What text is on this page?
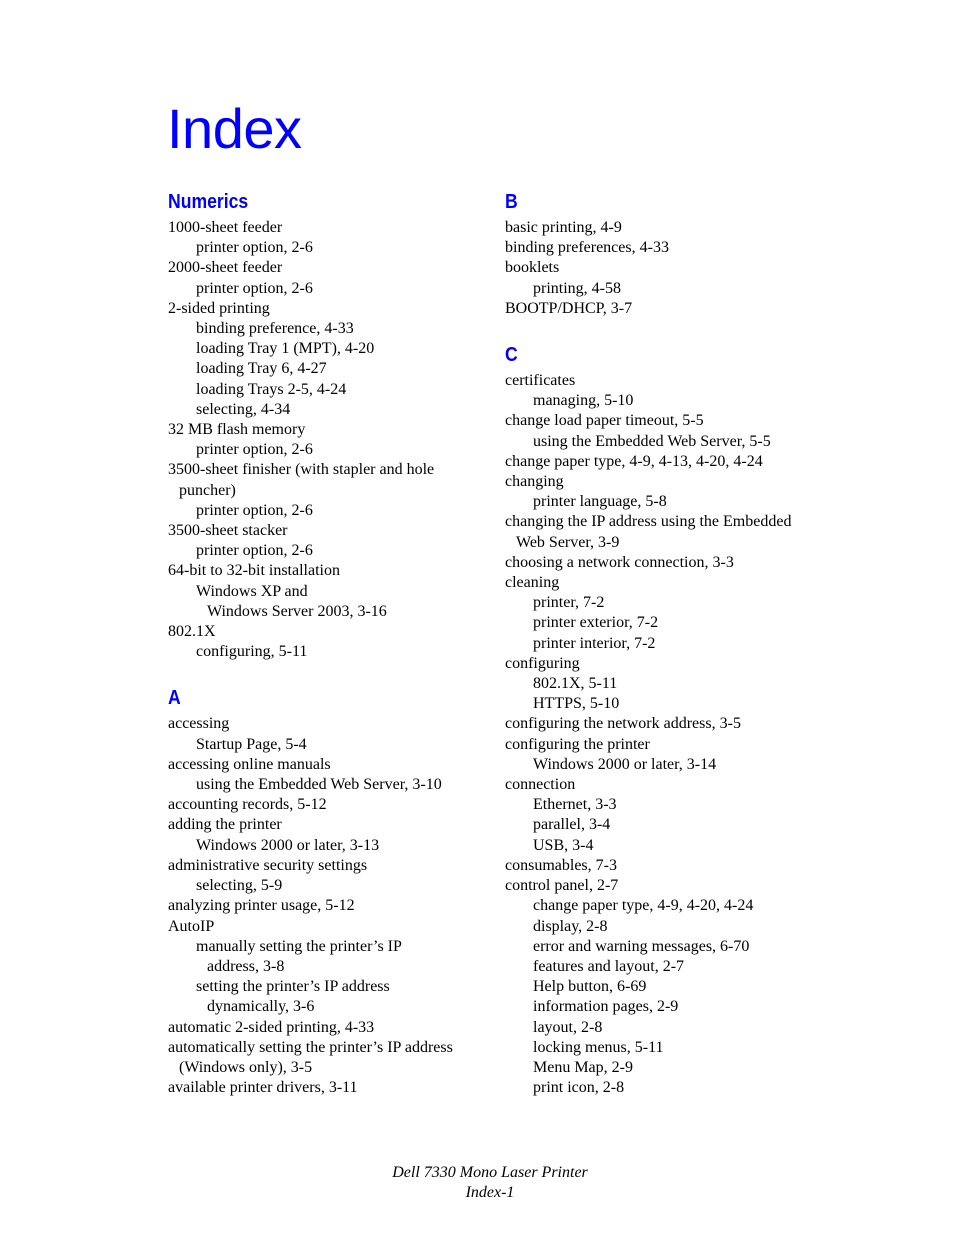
Index
Numerics
1000-sheet feeder
printer option, 2-6
2000-sheet feeder
printer option, 2-6
2-sided printing
binding preference, 4-33
loading Tray 1 (MPT), 4-20
loading Tray 6, 4-27
loading Trays 2-5, 4-24
selecting, 4-34
32 MB flash memory
printer option, 2-6
3500-sheet finisher (with stapler and hole
puncher)
printer option, 2-6
3500-sheet stacker
printer option, 2-6
64-bit to 32-bit installation
Windows XP and
Windows Server 2003, 3-16
802.1X
configuring, 5-11
A
accessing
Startup Page, 5-4
accessing online manuals
using the Embedded Web Server, 3-10
accounting records, 5-12
adding the printer
Windows 2000 or later, 3-13
administrative security settings
selecting, 5-9
analyzing printer usage, 5-12
AutoIP
manually setting the printer’s IP
address, 3-8
setting the printer’s IP address
dynamically, 3-6
automatic 2-sided printing, 4-33
automatically setting the printer’s IP address
(Windows only), 3-5
available printer drivers, 3-11
B
basic printing, 4-9
binding preferences, 4-33
booklets
printing, 4-58
BOOTP/DHCP, 3-7
C
certificates
managing, 5-10
change load paper timeout, 5-5
using the Embedded Web Server, 5-5
change paper type, 4-9, 4-13, 4-20, 4-24
changing
printer language, 5-8
changing the IP address using the Embedded
Web Server, 3-9
choosing a network connection, 3-3
cleaning
printer, 7-2
printer exterior, 7-2
printer interior, 7-2
configuring
802.1X, 5-11
HTTPS, 5-10
configuring the network address, 3-5
configuring the printer
Windows 2000 or later, 3-14
connection
Ethernet, 3-3
parallel, 3-4
USB, 3-4
consumables, 7-3
control panel, 2-7
change paper type, 4-9, 4-20, 4-24
display, 2-8
error and warning messages, 6-70
features and layout, 2-7
Help button, 6-69
information pages, 2-9
layout, 2-8
locking menus, 5-11
Menu Map, 2-9
print icon, 2-8
Dell 7330 Mono Laser Printer
Index-1
